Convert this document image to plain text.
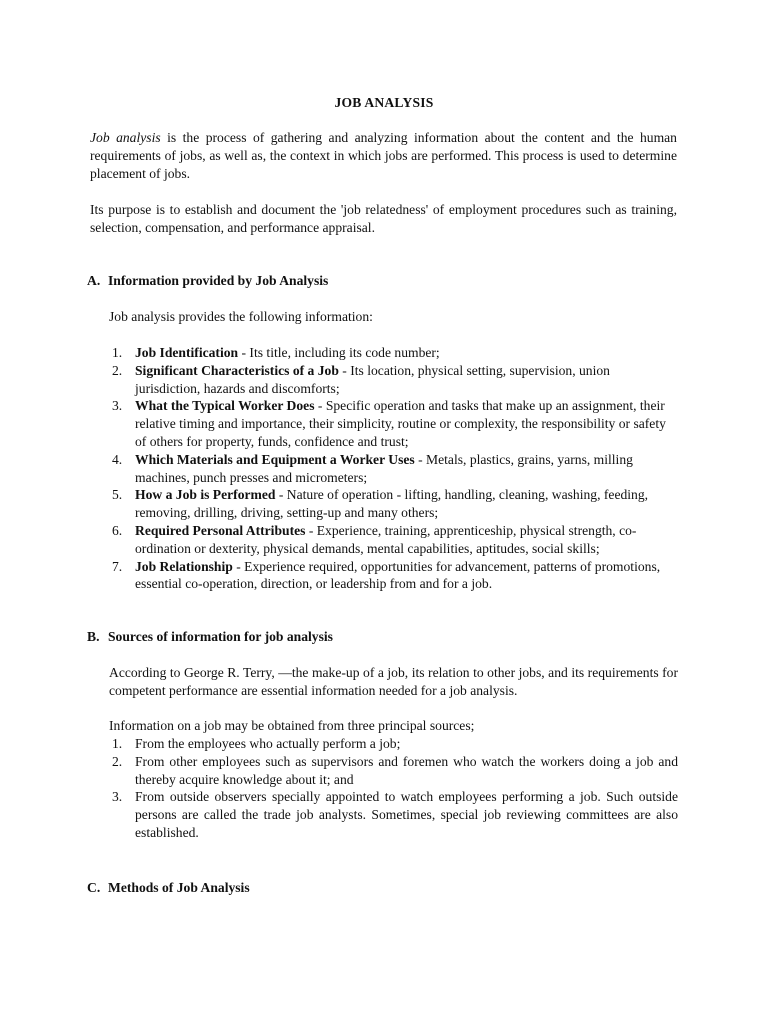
JOB ANALYSIS
Job analysis is the process of gathering and analyzing information about the content and the human requirements of jobs, as well as, the context in which jobs are performed. This process is used to determine placement of jobs.
Its purpose is to establish and document the 'job relatedness' of employment procedures such as training, selection, compensation, and performance appraisal.
A. Information provided by Job Analysis
Job analysis provides the following information:
1. Job Identification - Its title, including its code number;
2. Significant Characteristics of a Job - Its location, physical setting, supervision, union jurisdiction, hazards and discomforts;
3. What the Typical Worker Does - Specific operation and tasks that make up an assignment, their relative timing and importance, their simplicity, routine or complexity, the responsibility or safety of others for property, funds, confidence and trust;
4. Which Materials and Equipment a Worker Uses - Metals, plastics, grains, yarns, milling machines, punch presses and micrometers;
5. How a Job is Performed - Nature of operation - lifting, handling, cleaning, washing, feeding, removing, drilling, driving, setting-up and many others;
6. Required Personal Attributes - Experience, training, apprenticeship, physical strength, co-ordination or dexterity, physical demands, mental capabilities, aptitudes, social skills;
7. Job Relationship - Experience required, opportunities for advancement, patterns of promotions, essential co-operation, direction, or leadership from and for a job.
B. Sources of information for job analysis
According to George R. Terry, —the make-up of a job, its relation to other jobs, and its requirements for competent performance are essential information needed for a job analysis.
Information on a job may be obtained from three principal sources;
1. From the employees who actually perform a job;
2. From other employees such as supervisors and foremen who watch the workers doing a job and thereby acquire knowledge about it; and
3. From outside observers specially appointed to watch employees performing a job. Such outside persons are called the trade job analysts. Sometimes, special job reviewing committees are also established.
C. Methods of Job Analysis
